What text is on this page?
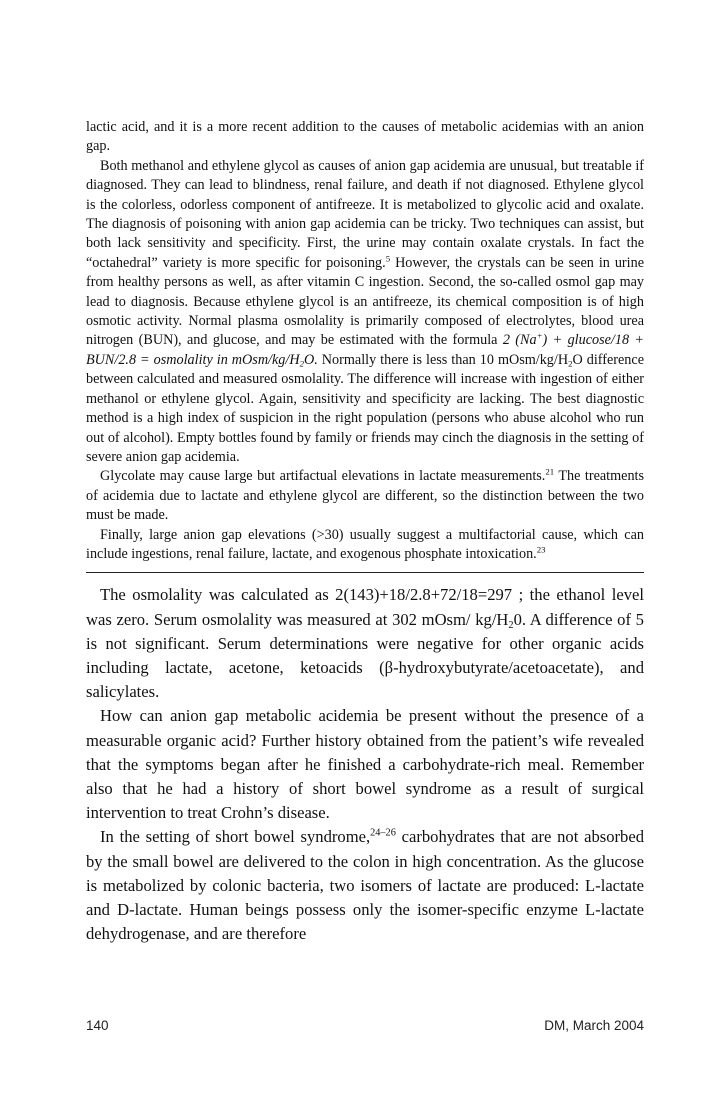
lactic acid, and it is a more recent addition to the causes of metabolic acidemias with an anion gap.

Both methanol and ethylene glycol as causes of anion gap acidemia are unusual, but treatable if diagnosed. They can lead to blindness, renal failure, and death if not diagnosed. Ethylene glycol is the colorless, odorless component of antifreeze. It is metabolized to glycolic acid and oxalate. The diagnosis of poisoning with anion gap acidemia can be tricky. Two techniques can assist, but both lack sensitivity and specificity. First, the urine may contain oxalate crystals. In fact the “octahedral” variety is more specific for poisoning.$^5$ However, the crystals can be seen in urine from healthy persons as well, as after vitamin C ingestion. Second, the so-called osmol gap may lead to diagnosis. Because ethylene glycol is an antifreeze, its chemical composition is of high osmotic activity. Normal plasma osmolality is primarily composed of electrolytes, blood urea nitrogen (BUN), and glucose, and may be estimated with the formula 2 (Na+) + glucose/18 + BUN/2.8 = osmolality in mOsm/$kg/H_2O$. Normally there is less than 10 mOsm/$kg/H_2O$ difference between calculated and measured osmolality. The difference will increase with ingestion of either methanol or ethylene glycol. Again, sensitivity and specificity are lacking. The best diagnostic method is a high index of suspicion in the right population (persons who abuse alcohol who run out of alcohol). Empty bottles found by family or friends may cinch the diagnosis in the setting of severe anion gap acidemia.

Glycolate may cause large but artifactual elevations in lactate measurements.$^{21}$ The treatments of acidemia due to lactate and ethylene glycol are different, so the distinction between the two must be made.

Finally, large anion gap elevations (>30) usually suggest a multifactorial cause, which can include ingestions, renal failure, lactate, and exogenous phosphate intoxication.$^{23}$

The osmolality was calculated as 2(143)+18/2.8+72/18=297 ; the ethanol level was zero. Serum osmolality was measured at 302 mOsm/ $kg/H_20$. A difference of 5 is not significant. Serum determinations were negative for other organic acids including lactate, acetone, ketoacids (β-hydroxybutyrate/acetoacetate), and salicylates.

How can anion gap metabolic acidemia be present without the presence of a measurable organic acid? Further history obtained from the patient’s wife revealed that the symptoms began after he finished a carbohydrate-rich meal. Remember also that he had a history of short bowel syndrome as a result of surgical intervention to treat Crohn’s disease.

In the setting of short bowel syndrome,$^{24-26}$ carbohydrates that are not absorbed by the small bowel are delivered to the colon in high concentration. As the glucose is metabolized by colonic bacteria, two isomers of lactate are produced: L-lactate and D-lactate. Human beings possess only the isomer-specific enzyme L-lactate dehydrogenase, and are therefore

140	DM, March 2004
